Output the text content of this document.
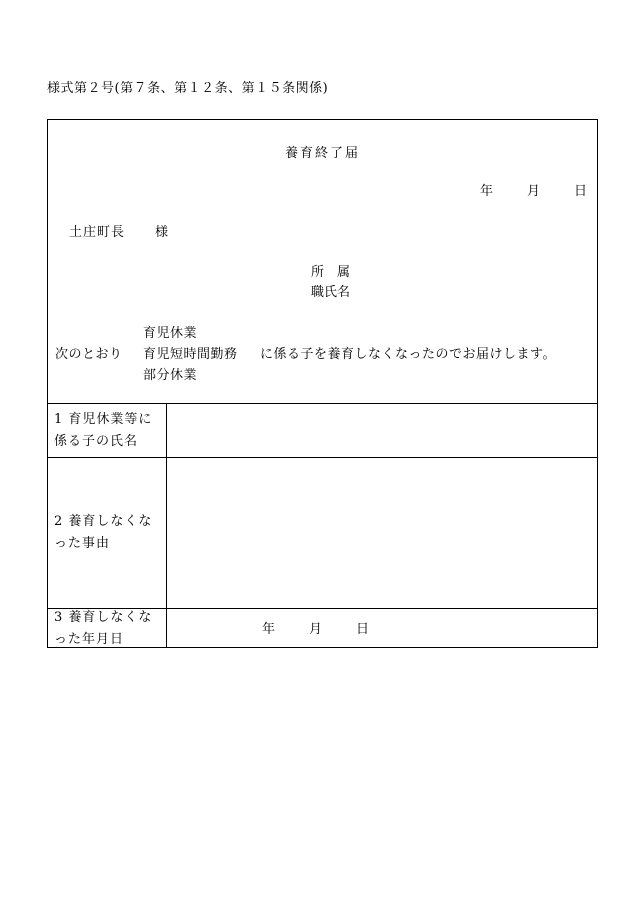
様式第２号(第７条、第１２条、第１５条関係)
養育終了届
年	月	日
土庄町長 様
所　属
職氏名
育児休業
次のとおり 育児短時間勤務 に係る子を養育しなくなったのでお届けします。
部分休業
1 育児休業等に
係る子の氏名
2 養育しなくな
った事由
3 養育しなくな
った年月日
年	月	日
